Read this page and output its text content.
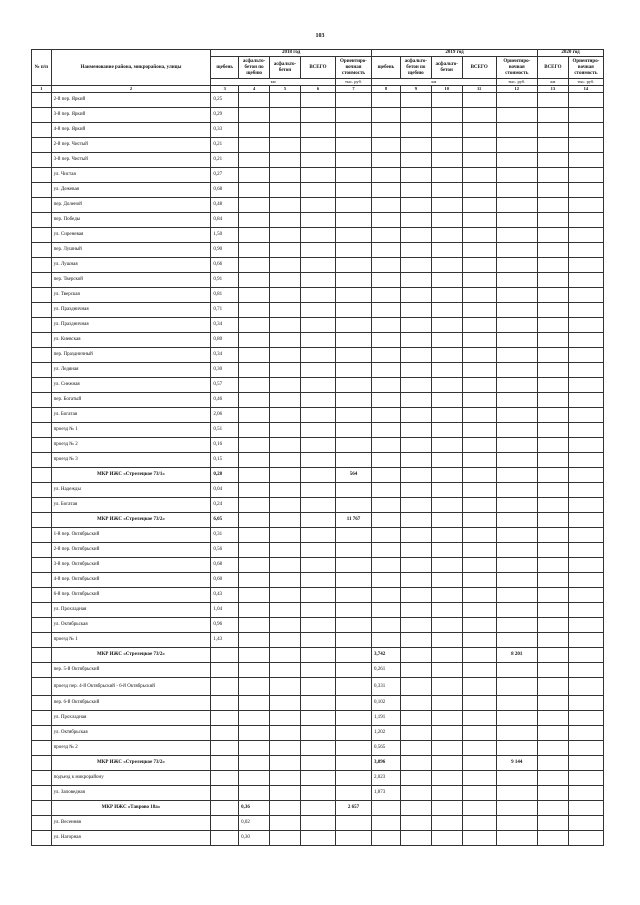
103
№ п/п	Наименование района, микрорайона, улицы	2018 год					2019 год					2020 год	
		щебень	асфальто-бетон по щебню	асфальто-бетон	ВСЕГО	Ориентиро-вочная стоимость	щебень	асфальто-бетон по щебню	асфальто-бетон	ВСЕГО	Ориентиро-вочная стоимость	ВСЕГО	Ориентиро-вочная стоимость
		км				тыс. руб.	км				тыс. руб.	км	тыс. руб.
1	2	3	4	5	6	7	8	9	10	11	12	13	14
	2-й пер. Яркий	0,25											
	3-й пер. Яркий	0,29											
	4-й пер. Яркий	0,33											
	2-й пер. Чистый	0,21											
	3-й пер. Чистый	0,21											
	ул. Чистая	0,27											
	ул. Дежевая	0,68											
	пер. Доленой	0,48											
	пер. Победы	0,84											
	ул. Сиреневая	1,50											
	пер. Лушный	0,90											
	ул. Лушная	0,66											
	пер. Тверской	0,91											
	ул. Тверская	0,81											
	ул. Праздничная	0,71											
	ул. Праздничная	0,34											
	ул. Киевская	0,80											
	пер. Праздничный	0,34											
	ул. Ледяная	0,30											
	ул. Снежная	0,57											
	пер. Богатый	0,46											
	ул. Богатая	2,06											
	проезд № 1	0,51											
	проезд № 2	0,16											
	проезд № 3	0,15											
	МКР ИЖС «Стрелецкое 73/1»	0,28				564							
	ул. Надежды	0,04											
	ул. Богатая	0,24											
	МКР ИЖС «Стрелецкое 73/2»	6,05				11 767							
	1-й пер. Октябрьский	0,31											
	2-й пер. Октябрьский	0,56											
	3-й пер. Октябрьский	0,68											
	4-й пер. Октябрьский	0,60											
	6-й пер. Октябрьский	0,43											
	ул. Прохладная	1,04											
	ул. Октябрьская	0,96											
	проезд № 1	1,43											
	МКР ИЖС «Стрелецкое 73/2»						3,742				8 201		
	пер. 5-й Октябрьский						0,261						
	проезд пер. 4-й Октябрьский - 6-й Октябрьский						0,331						
	пер. 6-й Октябрьский						0,102						
	ул. Прохладная						1,191						
	ул. Октябрьская						1,202						
	проезд № 2						0,565						
	МКР ИЖС «Стрелецкое 73/2»						3,896				9 144		
	подъезд к микрорайону						2,023						
	ул. Заповедная						1,873						
	МКР ИЖС «Таврово 18а»		0,36			2 657							
	ул. Весенняя		0,02										
	ул. Нагорная		0,30										
